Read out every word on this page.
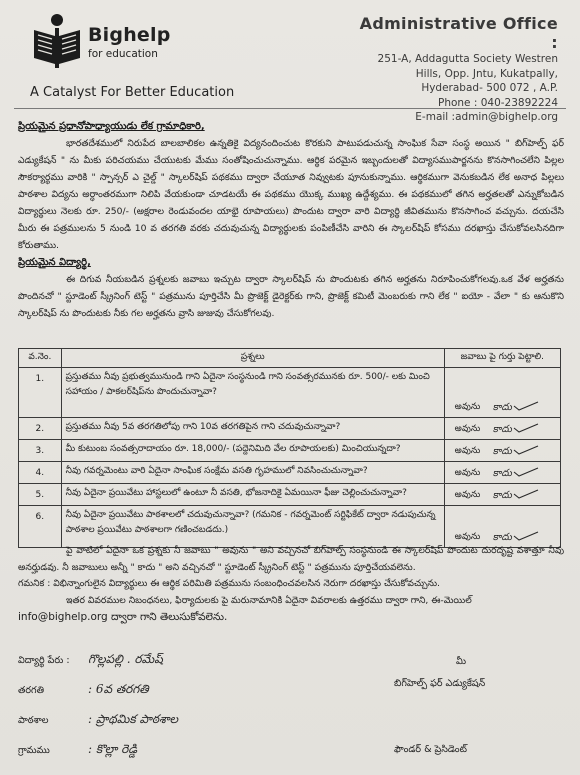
Bighelp
for education
A Catalyst For Better Education
Administrative Office :
251-A, Addagutta Society Westren
Hills, Opp. Jntu, Kukatpally,
Hyderabad- 500 072 , A.P.
Phone : 040-23892224
E-mail :admin@bighelp.org

ప్రియమైన ప్రధానోపాధ్యాయుడు లేక గ్రామాధికారి,

భారతదేశములో నిరుపేద బాలబాలికల ఉన్నతికై విద్యనందించుట కొరకుని పాటుపడుచున్న సాంఘిక సేవా సంస్థ అయిన " బిగ్‌హెల్ప్ ఫర్ ఎడ్యుకేషన్ " ను మీకు పరిచయము చేయుటకు మేము సంతోషించుచున్నాము. ఆర్థిక పరమైన ఇబ్బందులతో విద్యాసముపార్జనను కొనసాగించలేని పిల్లల సౌకర్యార్థము వారికి " స్పాన్సర్ ఎ చైల్డ్ " స్కాలర్‌షిప్ పథకము ద్వారా చేయూత నివ్వుటకు పూనుకున్నాము. ఆర్థికముగా వెనుకబడిన లేక అనాధ పిల్లలు పాఠశాల విద్యను అర్ధాంతరముగా నిలిపి వేయకుండా చూడటయే ఈ పథకము యొక్క ముఖ్య ఉద్దేశ్యము. ఈ పథకములో తగిన అర్హతలతో ఎన్నుకోబడిన విద్యార్థులు నెలకు రూ. 250/- (అక్షరాల రెండువందల యాభై రూపాయలు) పొందుట ద్వారా వారి విద్యార్థి జీవితమును కొనసాగించ వచ్చును. దయచేసి మీరు ఈ పత్రములను 5 నుండి 10 వ తరగతి వరకు చదువుచున్న విద్యార్థులకు పంపిణీచేసి వారిని ఈ స్కాలర్‌షిప్ కోసము దరఖాస్తు చేసుకోవలసినదిగా కోరుతాము.

ప్రియమైన విద్యార్థి,

ఈ దిగువ నీయబడిన ప్రశ్నలకు జవాబు ఇచ్చుట ద్వారా స్కాలర్‌షిప్ ను పొందుటకు తగిన అర్హతను నిరూపించుకోగలవు.ఒక వేళ అర్హతను పొందినచో " స్టూడెంట్ స్క్రీనింగ్ టెస్ట్ " పత్రమును పూర్తిచేసి మీ ప్రొజెక్ట్ డైరెక్టర్‌కు గాని, ప్రొజెక్ట్ కమిటీ మెంబరుకు గాని లేక " ఐయో - వేలా " కు ఆనుకొని స్కాలర్‌షిప్ ను పొందుటకు నీకు గల అర్హతను వ్రాసి జుజువు చేసుకోగలవు.

వ.నెం.	ప్రశ్నలు	జవాబు పై గుర్తు పెట్టాలి.
1.	ప్రస్తుతము నీవు ప్రభుత్వమునుండి గాని ఏదైనా సంస్థనుండి గాని సంవత్సరమునకు రూ. 500/- లకు మించి సహాయం / పాకలర్‌షిప్‌ను పొందుచున్నావా?	అవును కాదు

2.	ప్రస్తుతము నీవు 5వ తరగతిలోపు గాని 10వ తరగతిపైన గాని చదువుచున్నావా?	అవును కాదు

3.	మీ కుటుంబ సంవత్సరాదాయం రూ. 18,000/- (పద్దెనిమిది వేల రూపాయలకు) మించియున్నదా?	అవును కాదు

4.	నీవు గవర్నమెంటు వారి ఏదైనా సాంఘిక సంక్షేమ వసతి గృహములో నివసించుచున్నావా?	అవును కాదు

5.	నీవు ఏదైనా ప్రయివేటు హాస్టలులో ఉంటూ నీ వసతి, భోజనాదికై ఏమయినా ఫీజు చెల్లించుచున్నావా?	అవును కాదు

6.	నీవు ఏదైనా ప్రయివేటు పాఠశాలలో చదువుచున్నావా? (గమనిక - గవర్నమెంట్ సర్టిఫికేట్ ద్వారా నడుపుచున్న పాఠశాల ప్రయివేటు పాఠశాలగా గణించబడదు.)	అవును కాదు

పై వాటిలో ఏదైనా ఒక ప్రశ్నకు నీ జవాబు " అవును " అని వచ్చినచో బిగ్‌హెల్ప్ సంస్థనుండి ఈ స్కాలర్‌షిప్ పొందుట దురదృష్ట వశాత్తూ నీవు అనర్హుడవు. నీ జవాబులు అన్నీ " కాదు " అని వచ్చినచో " స్టూడెంట్ స్క్రీనింగ్ టెస్ట్ " పత్రమును పూర్తిచేయవలెను.

గమనిక : విభిన్నాంగులైన విద్యార్థులు ఈ ఆర్థిక పరిమితి పత్రమును సంబంధించవలసిన నెరుగా దరఖాస్తు చేసుకోవచ్చును.

ఇతర వివరముల నిబంధనలు, ఫిర్యాదులకు పై మరునామానికి ఏదైనా వివరాలకు ఉత్తరము ద్వారా గాని, ఈ-మెయిల్

info@bighelp.org ద్వారా గాని తెలుసుకోవలెను.

విద్యార్థి పేరు : గొల్లపల్లి . రమేష్
తరగతి	: 6వ తరగతి
పాఠశాల	: ప్రాథమిక పాఠశాల
గ్రామము	: కొల్లా రెడ్డి
మీ
బిగ్‌హెల్ప్ ఫర్ ఎడ్యుకేషన్
ఫౌండర్ & ప్రెసిడెంట్
